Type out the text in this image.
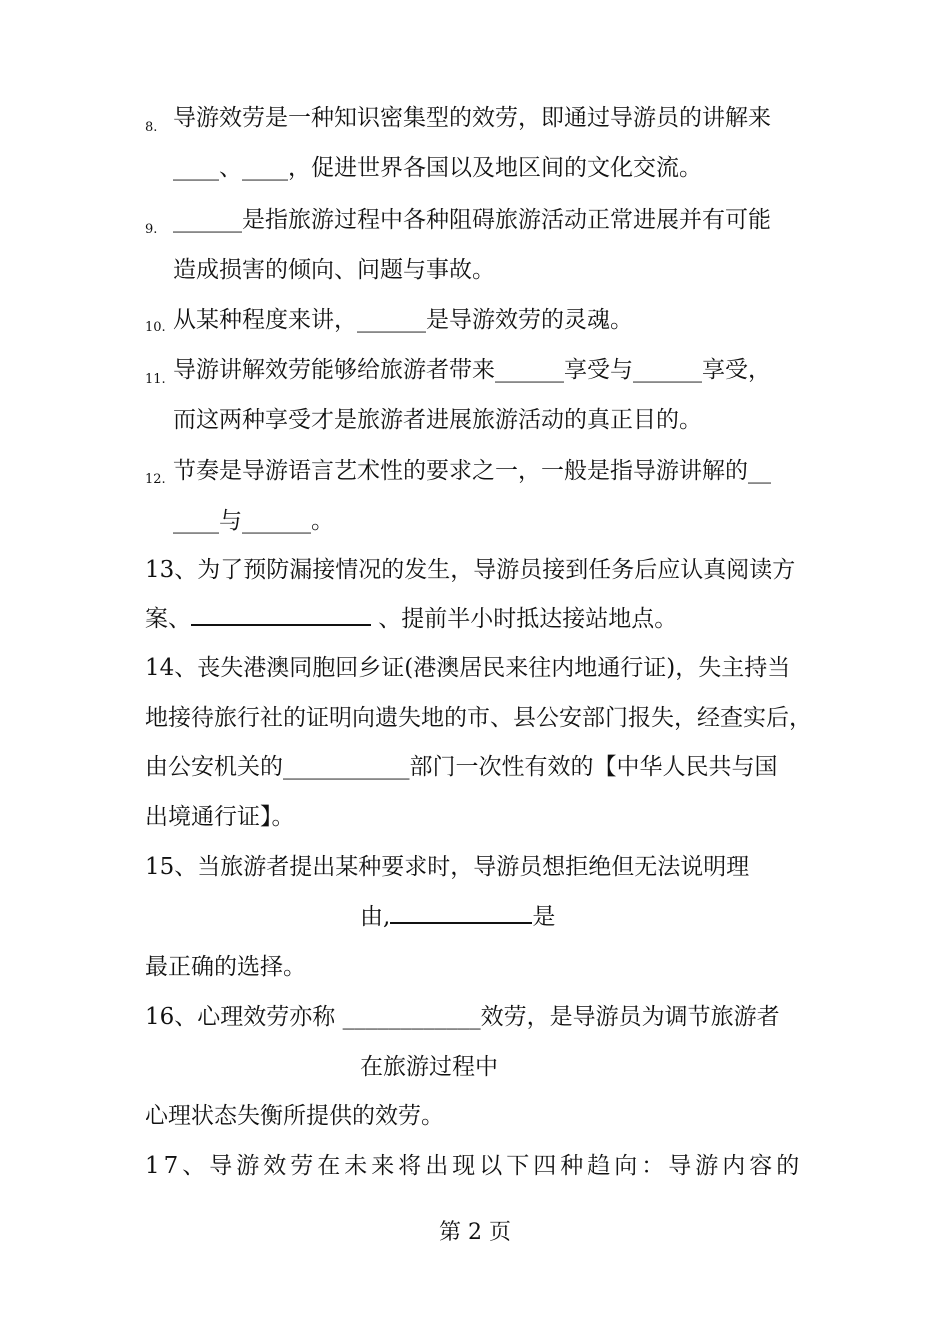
8. 导游效劳是一种知识密集型的效劳，即通过导游员的讲解来
____、____，促进世界各国以及地区间的文化交流。
9. ______是指旅游过程中各种阻碍旅游活动正常进展并有可能
造成损害的倾向、问题与事故。
10. 从某种程度来讲，______是导游效劳的灵魂。
11. 导游讲解效劳能够给旅游者带来______享受与______享受，
而这两种享受才是旅游者进展旅游活动的真正目的。
12. 节奏是导游语言艺术性的要求之一，一般是指导游讲解的__
____与______。
13、为了预防漏接情况的发生，导游员接到任务后应认真阅读方
案、	、提前半小时抵达接站地点。
14、丧失港澳同胞回乡证(港澳居民来往内地通行证)，失主持当
地接待旅行社的证明向遗失地的市、县公安部门报失，经查实后，
由公安机关的___________部门一次性有效的【中华人民共与国
出境通行证】。
15、当旅游者提出某种要求时，导游员想拒绝但无法说明理
由,	是
最正确的选择。
16、心理效劳亦称 ____________效劳，是导游员为调节旅游者
在旅游过程中
心理状态失衡所提供的效劳。
17、导游效劳在未来将出现以下四种趋向：导游内容的
第 2 页
